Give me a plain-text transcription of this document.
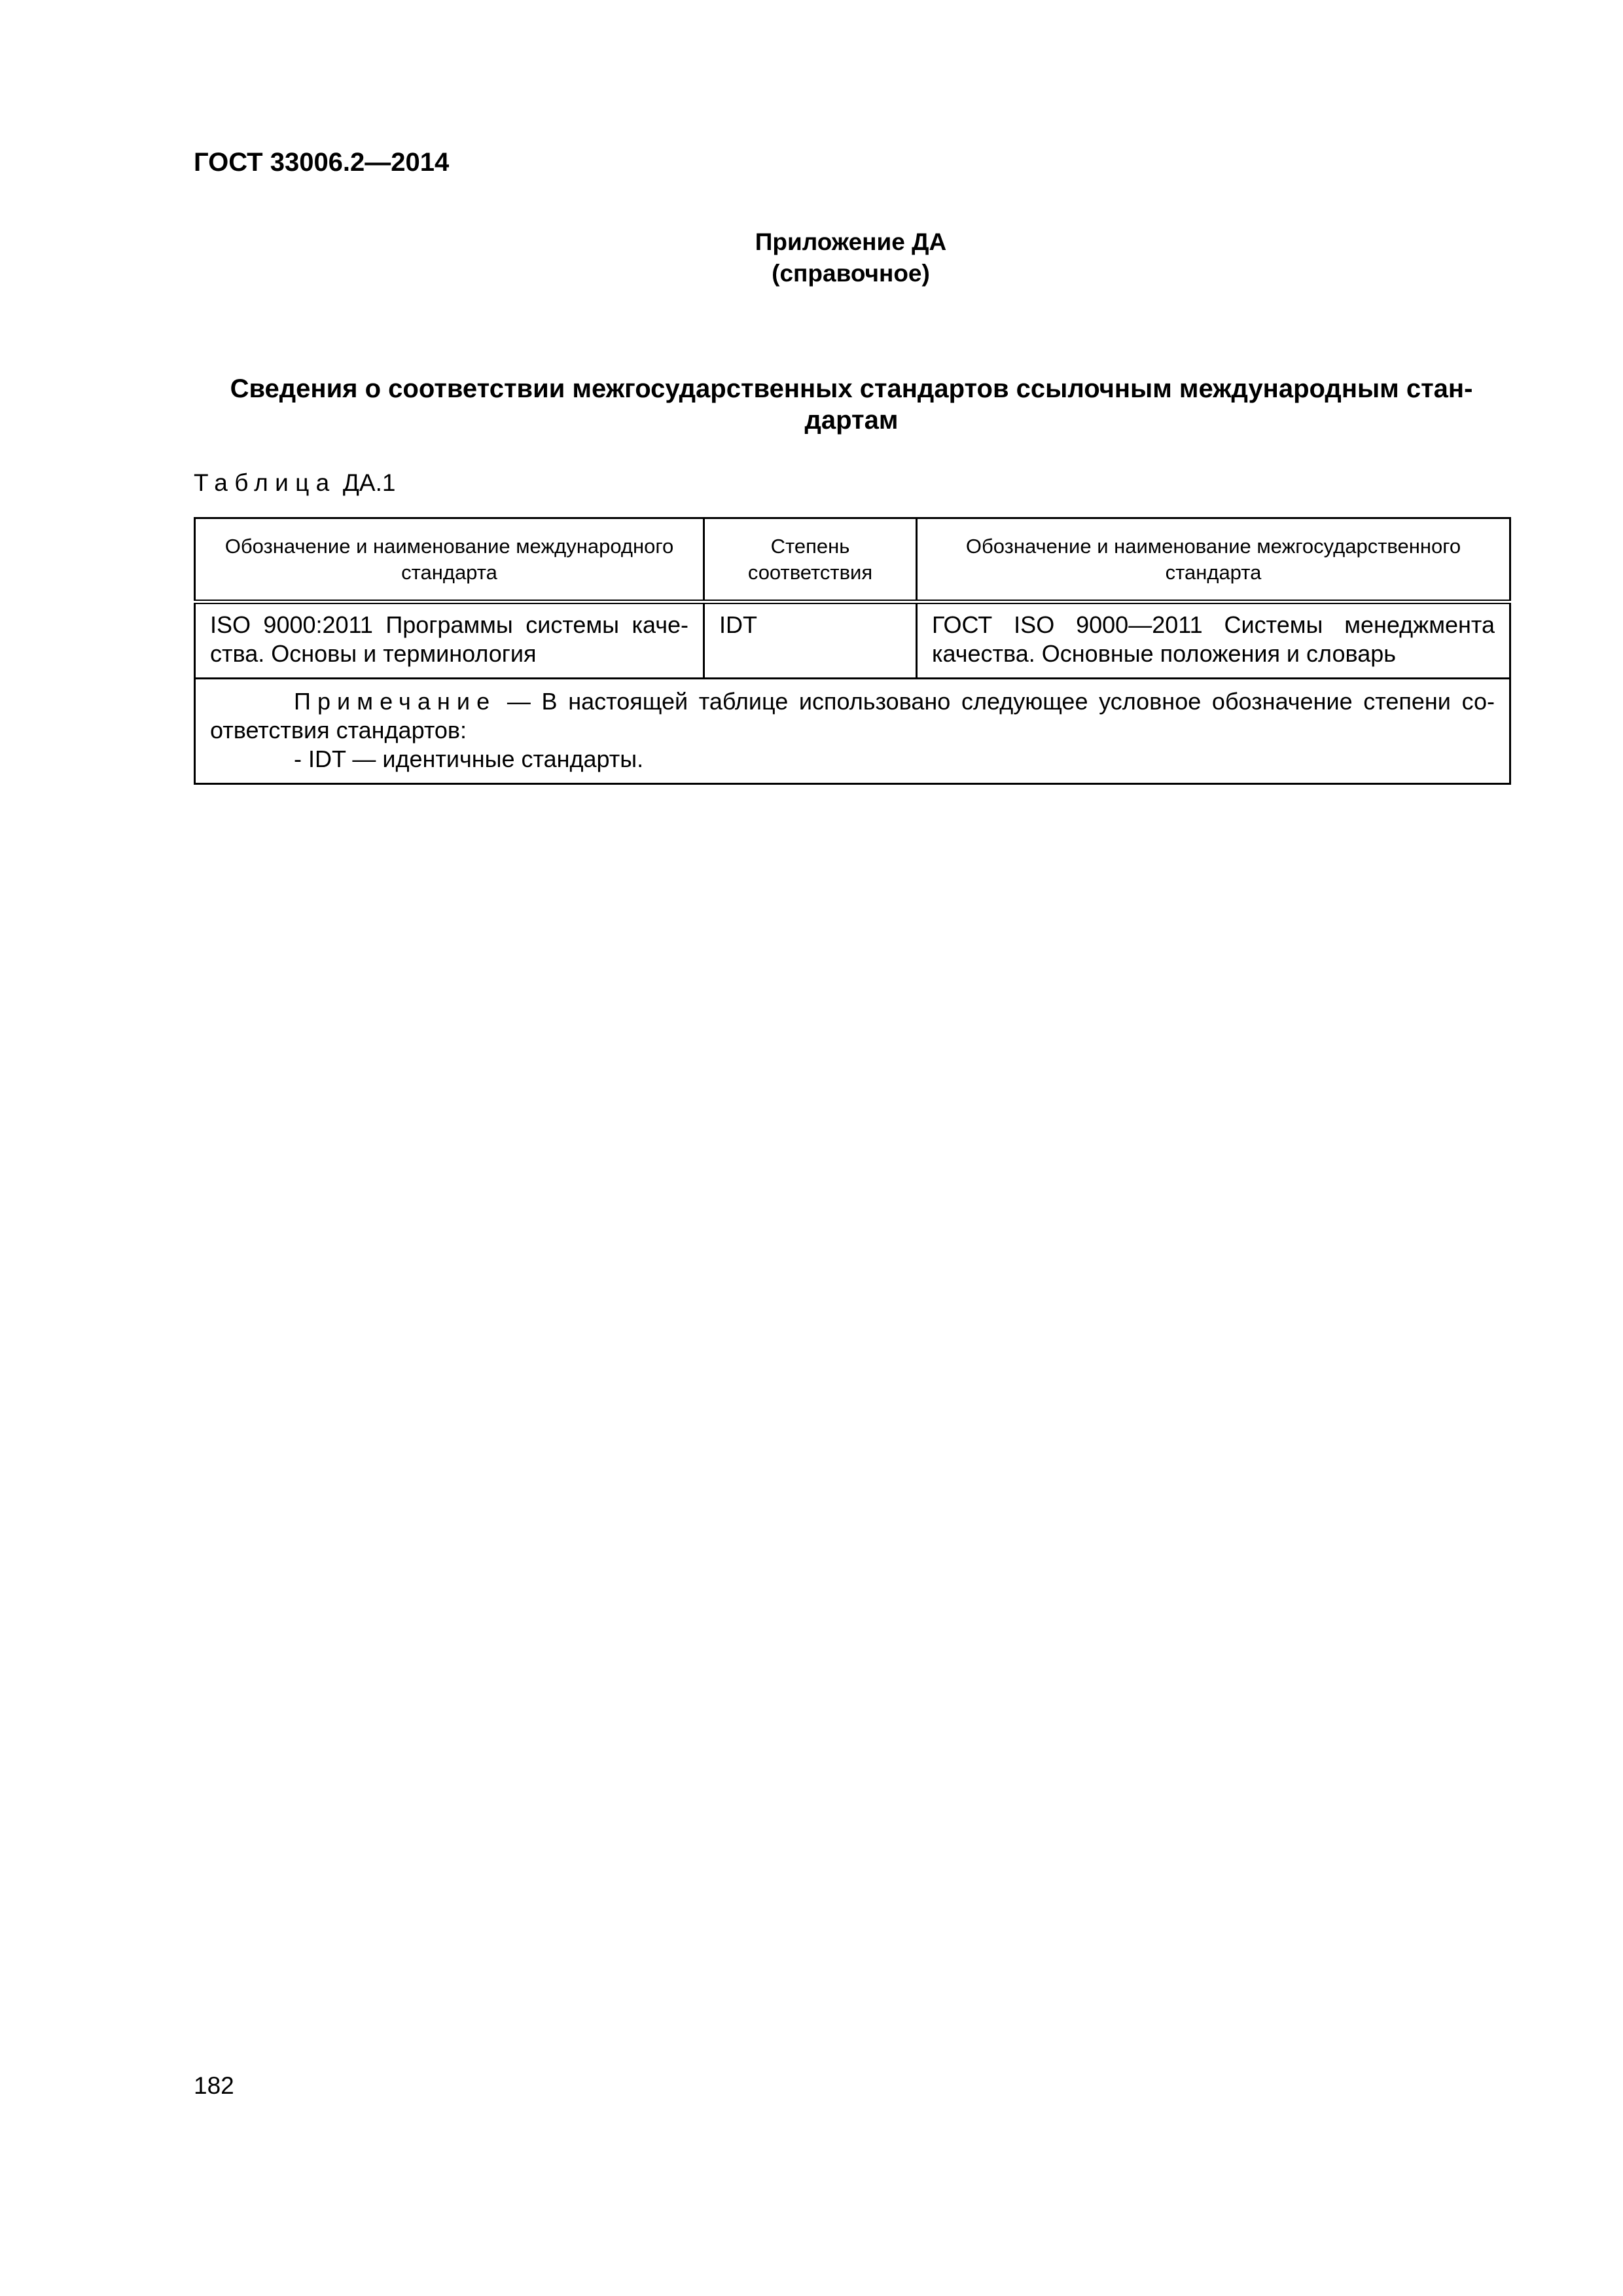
ГОСТ 33006.2—2014
Приложение ДА
(справочное)
Сведения о соответствии межгосударственных стандартов ссылочным международным стан-
дартам
Таблица ДА.1
Обозначение и наименование международного стандарта	Степень соответствия	Обозначение и наименование межгосударственного стандарта
ISO 9000:2011 Программы системы каче-ства. Основы и терминология	IDT	ГОСТ ISO 9000—2011 Системы менеджмента качества. Основные положения и словарь

Примечание — В настоящей таблице использовано следующее условное обозначение степени со-ответствия стандартов:

- IDT — идентичные стандарты.		

182
